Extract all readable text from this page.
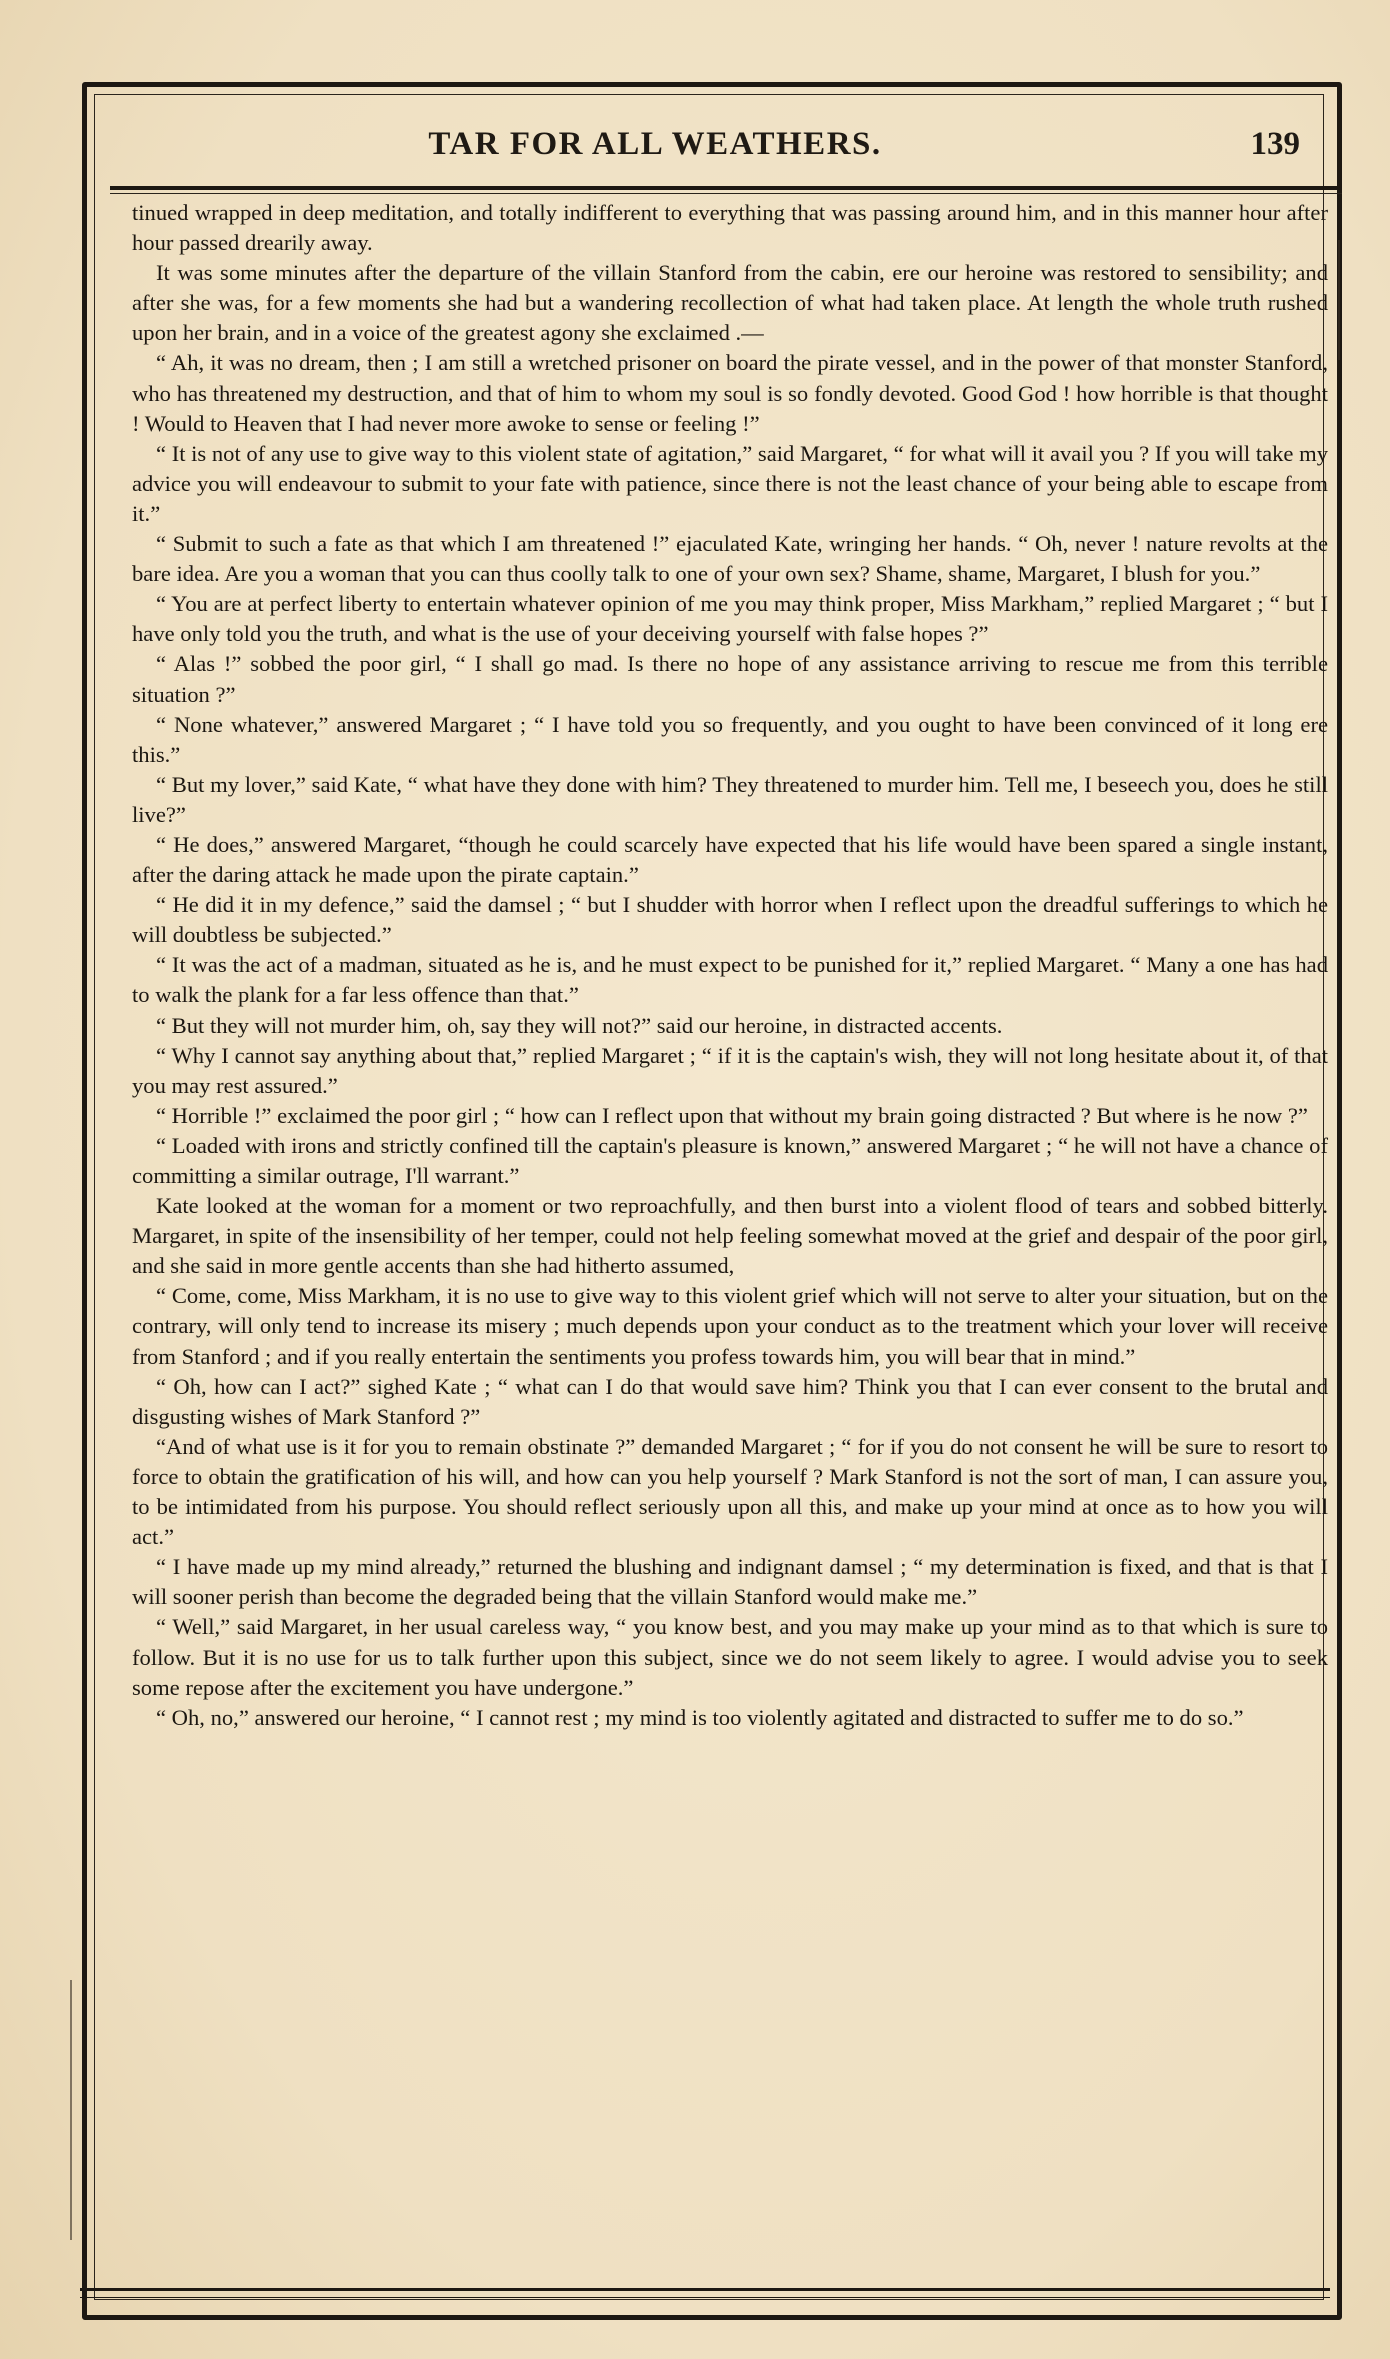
TAR FOR ALL WEATHERS.	139

tinued wrapped in deep meditation, and totally indifferent to everything that was passing around him, and in this manner hour after hour passed drearily away.

It was some minutes after the departure of the villain Stanford from the cabin, ere our heroine was restored to sensibility; and after she was, for a few moments she had but a wandering recollection of what had taken place. At length the whole truth rushed upon her brain, and in a voice of the greatest agony she exclaimed .—

“ Ah, it was no dream, then ; I am still a wretched prisoner on board the pirate vessel, and in the power of that monster Stanford, who has threatened my destruction, and that of him to whom my soul is so fondly devoted. Good God ! how horrible is that thought ! Would to Heaven that I had never more awoke to sense or feeling !”

“ It is not of any use to give way to this violent state of agitation,” said Margaret, “ for what will it avail you ? If you will take my advice you will endeavour to submit to your fate with patience, since there is not the least chance of your being able to escape from it.”

“ Submit to such a fate as that which I am threatened !” ejaculated Kate, wringing her hands. “ Oh, never ! nature revolts at the bare idea. Are you a woman that you can thus coolly talk to one of your own sex? Shame, shame, Margaret, I blush for you.”

“ You are at perfect liberty to entertain whatever opinion of me you may think proper, Miss Markham,” replied Margaret ; “ but I have only told you the truth, and what is the use of your deceiving yourself with false hopes ?”

“ Alas !” sobbed the poor girl, “ I shall go mad. Is there no hope of any assistance arriving to rescue me from this terrible situation ?”

“ None whatever,” answered Margaret ; “ I have told you so frequently, and you ought to have been convinced of it long ere this.”

“ But my lover,” said Kate, “ what have they done with him? They threatened to murder him. Tell me, I beseech you, does he still live?”

“ He does,” answered Margaret, “though he could scarcely have expected that his life would have been spared a single instant, after the daring attack he made upon the pirate captain.”

“ He did it in my defence,” said the damsel ; “ but I shudder with horror when I reflect upon the dreadful sufferings to which he will doubtless be subjected.”

“ It was the act of a madman, situated as he is, and he must expect to be punished for it,” replied Margaret. “ Many a one has had to walk the plank for a far less offence than that.”

“ But they will not murder him, oh, say they will not?” said our heroine, in distracted accents.

“ Why I cannot say anything about that,” replied Margaret ; “ if it is the captain's wish, they will not long hesitate about it, of that you may rest assured.”

“ Horrible !” exclaimed the poor girl ; “ how can I reflect upon that without my brain going distracted ? But where is he now ?”

“ Loaded with irons and strictly confined till the captain's pleasure is known,” answered Margaret ; “ he will not have a chance of committing a similar outrage, I'll warrant.”

Kate looked at the woman for a moment or two reproachfully, and then burst into a violent flood of tears and sobbed bitterly. Margaret, in spite of the insensibility of her temper, could not help feeling somewhat moved at the grief and despair of the poor girl, and she said in more gentle accents than she had hitherto assumed,

“ Come, come, Miss Markham, it is no use to give way to this violent grief which will not serve to alter your situation, but on the contrary, will only tend to increase its misery ; much depends upon your conduct as to the treatment which your lover will receive from Stanford ; and if you really entertain the sentiments you profess towards him, you will bear that in mind.”

“ Oh, how can I act?” sighed Kate ; “ what can I do that would save him? Think you that I can ever consent to the brutal and disgusting wishes of Mark Stanford ?”

“And of what use is it for you to remain obstinate ?” demanded Margaret ; “ for if you do not consent he will be sure to resort to force to obtain the gratification of his will, and how can you help yourself ? Mark Stanford is not the sort of man, I can assure you, to be intimidated from his purpose. You should reflect seriously upon all this, and make up your mind at once as to how you will act.”

“ I have made up my mind already,” returned the blushing and indignant damsel ; “ my determination is fixed, and that is that I will sooner perish than become the degraded being that the villain Stanford would make me.”

“ Well,” said Margaret, in her usual careless way, “ you know best, and you may make up your mind as to that which is sure to follow. But it is no use for us to talk further upon this subject, since we do not seem likely to agree. I would advise you to seek some repose after the excitement you have undergone.”

“ Oh, no,” answered our heroine, “ I cannot rest ; my mind is too violently agitated and distracted to suffer me to do so.”
